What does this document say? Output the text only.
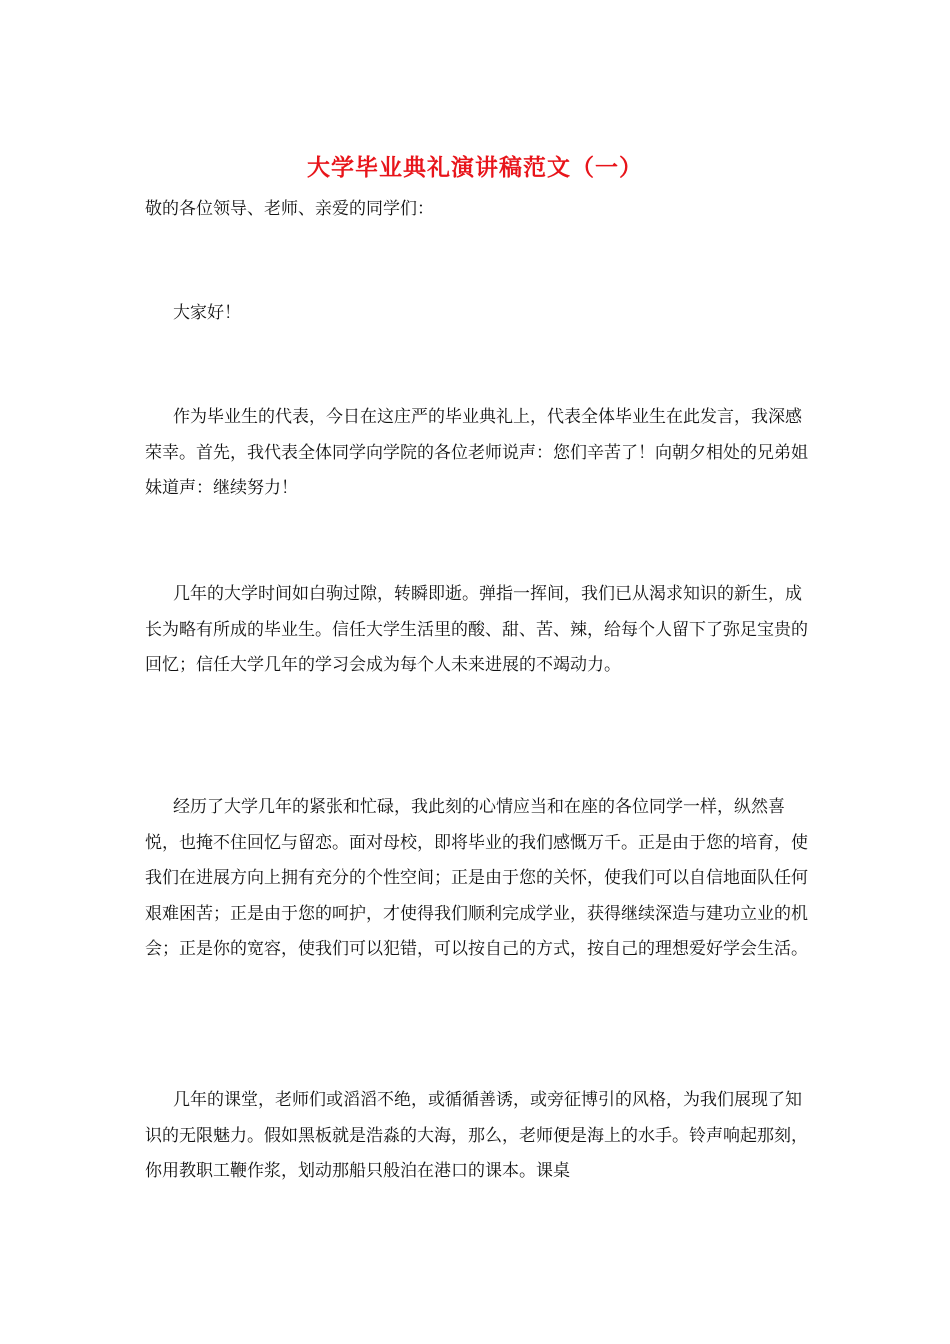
大学毕业典礼演讲稿范文（一）

敬的各位领导、老师、亲爱的同学们：

大家好！

作为毕业生的代表，今日在这庄严的毕业典礼上，代表全体毕业生在此发言，我深感荣幸。首先，我代表全体同学向学院的各位老师说声：您们辛苦了！向朝夕相处的兄弟姐妹道声：继续努力！

几年的大学时间如白驹过隙，转瞬即逝。弹指一挥间，我们已从渴求知识的新生，成长为略有所成的毕业生。信任大学生活里的酸、甜、苦、辣，给每个人留下了弥足宝贵的回忆；信任大学几年的学习会成为每个人未来进展的不竭动力。

经历了大学几年的紧张和忙碌，我此刻的心情应当和在座的各位同学一样，纵然喜悦，也掩不住回忆与留恋。面对母校，即将毕业的我们感慨万千。正是由于您的培育，使我们在进展方向上拥有充分的个性空间；正是由于您的关怀，使我们可以自信地面队任何艰难困苦；正是由于您的呵护，才使得我们顺利完成学业，获得继续深造与建功立业的机会；正是你的宽容，使我们可以犯错，可以按自己的方式，按自己的理想爱好学会生活。

几年的课堂，老师们或滔滔不绝，或循循善诱，或旁征博引的风格，为我们展现了知识的无限魅力。假如黑板就是浩淼的大海，那么，老师便是海上的水手。铃声响起那刻，你用教职工鞭作浆，划动那船只般泊在港口的课本。课桌
